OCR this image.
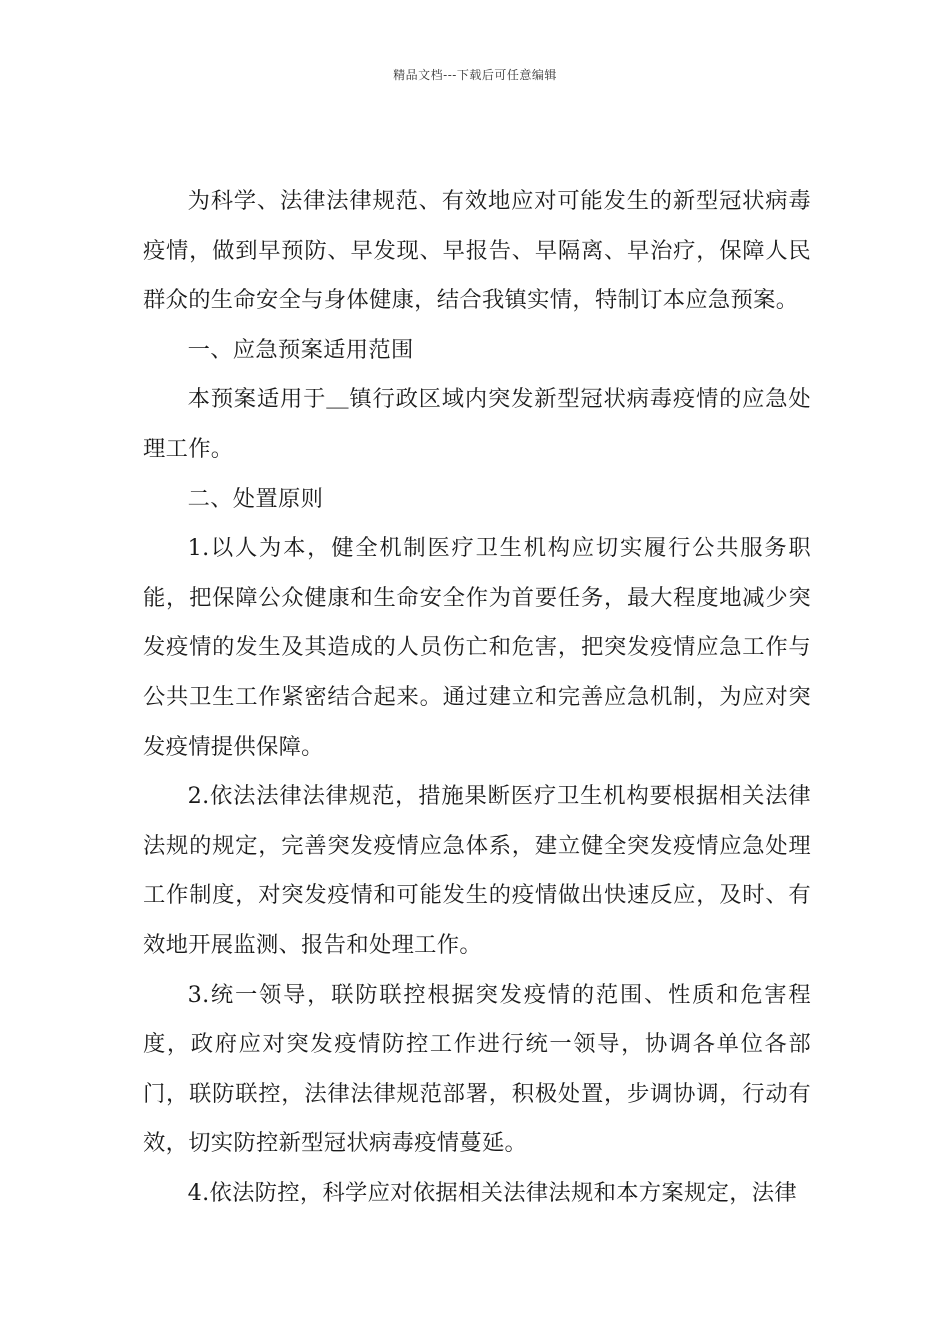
精品文档---下载后可任意编辑

为科学、法律法律规范、有效地应对可能发生的新型冠状病毒疫情，做到早预防、早发现、早报告、早隔离、早治疗，保障人民群众的生命安全与身体健康，结合我镇实情，特制订本应急预案。

一、应急预案适用范围

本预案适用于＿镇行政区域内突发新型冠状病毒疫情的应急处理工作。

二、处置原则

1.以人为本，健全机制医疗卫生机构应切实履行公共服务职能，把保障公众健康和生命安全作为首要任务，最大程度地减少突发疫情的发生及其造成的人员伤亡和危害，把突发疫情应急工作与公共卫生工作紧密结合起来。通过建立和完善应急机制，为应对突发疫情提供保障。

2.依法法律法律规范，措施果断医疗卫生机构要根据相关法律法规的规定，完善突发疫情应急体系，建立健全突发疫情应急处理工作制度，对突发疫情和可能发生的疫情做出快速反应，及时、有效地开展监测、报告和处理工作。

3.统一领导，联防联控根据突发疫情的范围、性质和危害程度，政府应对突发疫情防控工作进行统一领导，协调各单位各部门，联防联控，法律法律规范部署，积极处置，步调协调，行动有效，切实防控新型冠状病毒疫情蔓延。

4.依法防控，科学应对依据相关法律法规和本方案规定，法律
